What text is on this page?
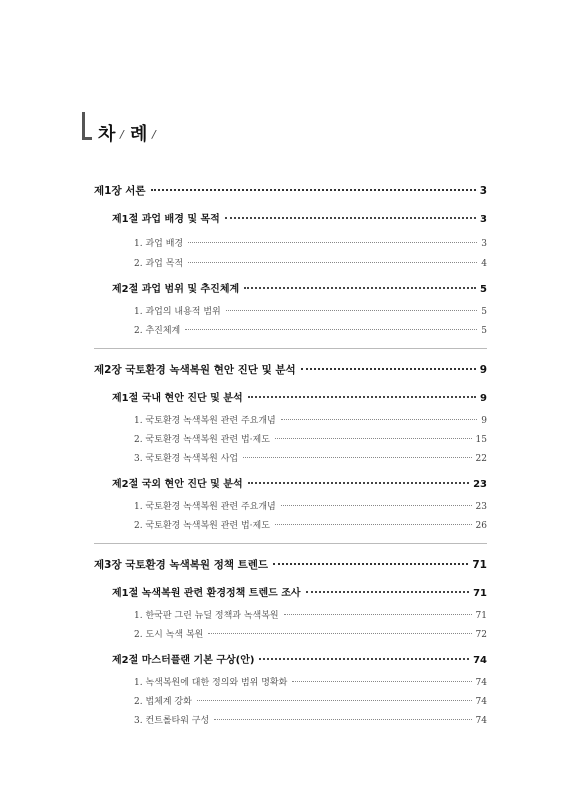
차 / 례 /
제1장 서론	3
제1절 과업 배경 및 목적	3
1. 과업 배경	3
2. 과업 목적	4
제2절 과업 범위 및 추진체계	5
1. 과업의 내용적 범위	5
2. 추진체계	5
제2장 국토환경 녹색복원 현안 진단 및 분석	9
제1절 국내 현안 진단 및 분석	9
1. 국토환경 녹색복원 관련 주요개념	9
2. 국토환경 녹색복원 관련 법·제도	15
3. 국토환경 녹색복원 사업	22
제2절 국외 현안 진단 및 분석	23
1. 국토환경 녹색복원 관련 주요개념	23
2. 국토환경 녹색복원 관련 법·제도	26
제3장 국토환경 녹색복원 정책 트렌드	71
제1절 녹색복원 관련 환경정책 트렌드 조사	71
1. 한국판 그린 뉴딜 정책과 녹색복원	71
2. 도시 녹색 복원	72
제2절 마스터플랜 기본 구상(안)	74
1. 녹색복원에 대한 정의와 범위 명확화	74
2. 법체계 강화	74
3. 컨트롤타워 구성	74
